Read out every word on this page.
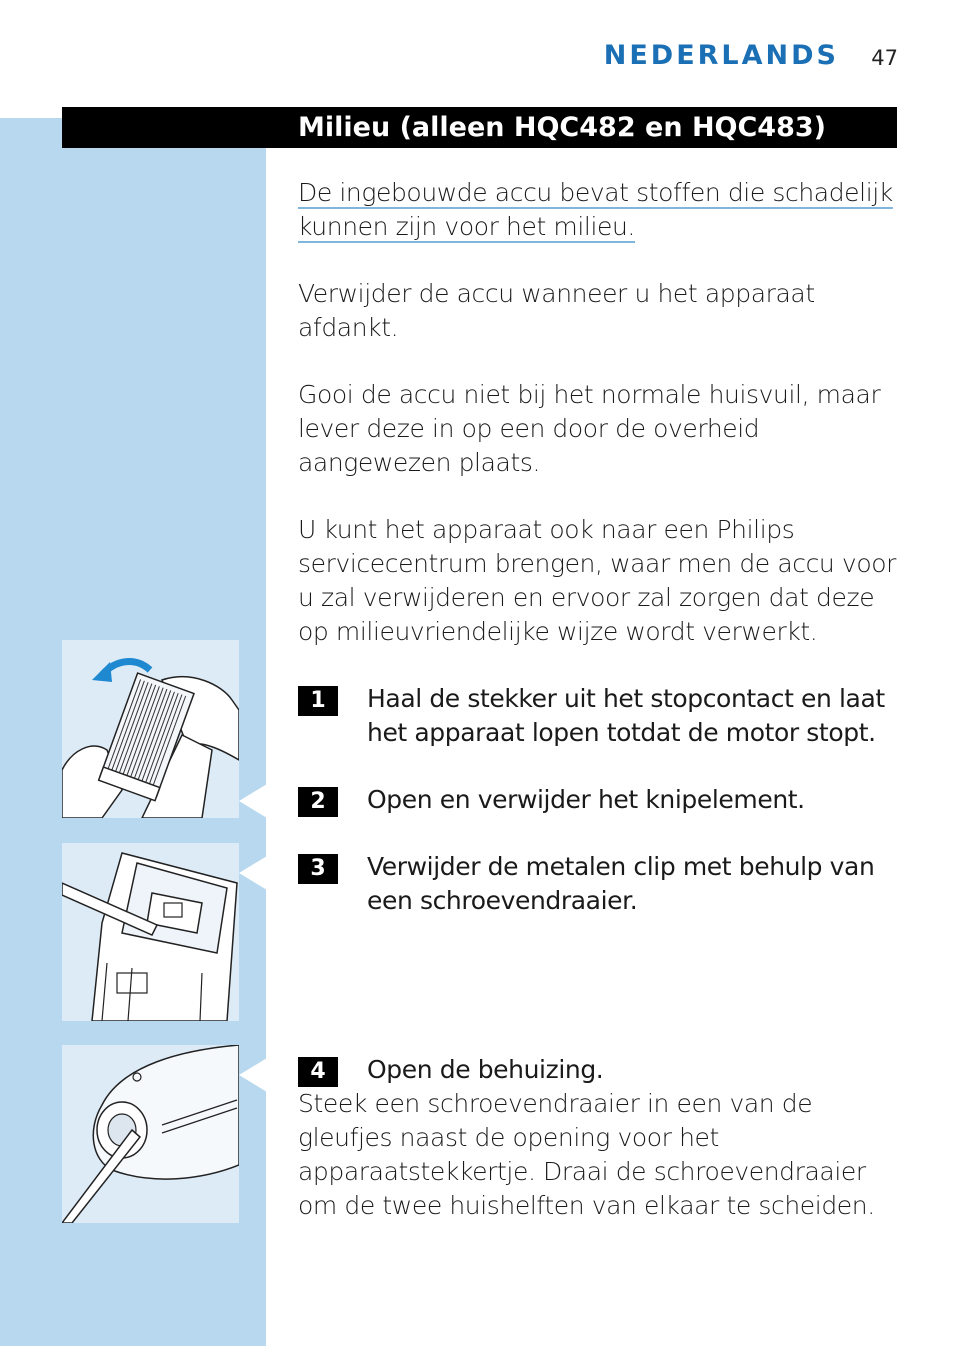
NEDERLANDS 47
Milieu (alleen HQC482 en HQC483)
De ingebouwde accu bevat stoffen die schadelijk kunnen zijn voor het milieu.
Verwijder de accu wanneer u het apparaat afdankt.
Gooi de accu niet bij het normale huisvuil, maar lever deze in op een door de overheid aangewezen plaats.
U kunt het apparaat ook naar een Philips servicecentrum brengen, waar men de accu voor u zal verwijderen en ervoor zal zorgen dat deze op milieuvriendelijke wijze wordt verwerkt.
1	Haal de stekker uit het stopcontact en laat het apparaat lopen totdat de motor stopt.
2	Open en verwijder het knipelement.
3	Verwijder de metalen clip met behulp van een schroevendraaier.
4	Open de behuizing.
Steek een schroevendraaier in een van de gleufjes naast de opening voor het apparaatstekkertje. Draai de schroevendraaier om de twee huishelften van elkaar te scheiden.
